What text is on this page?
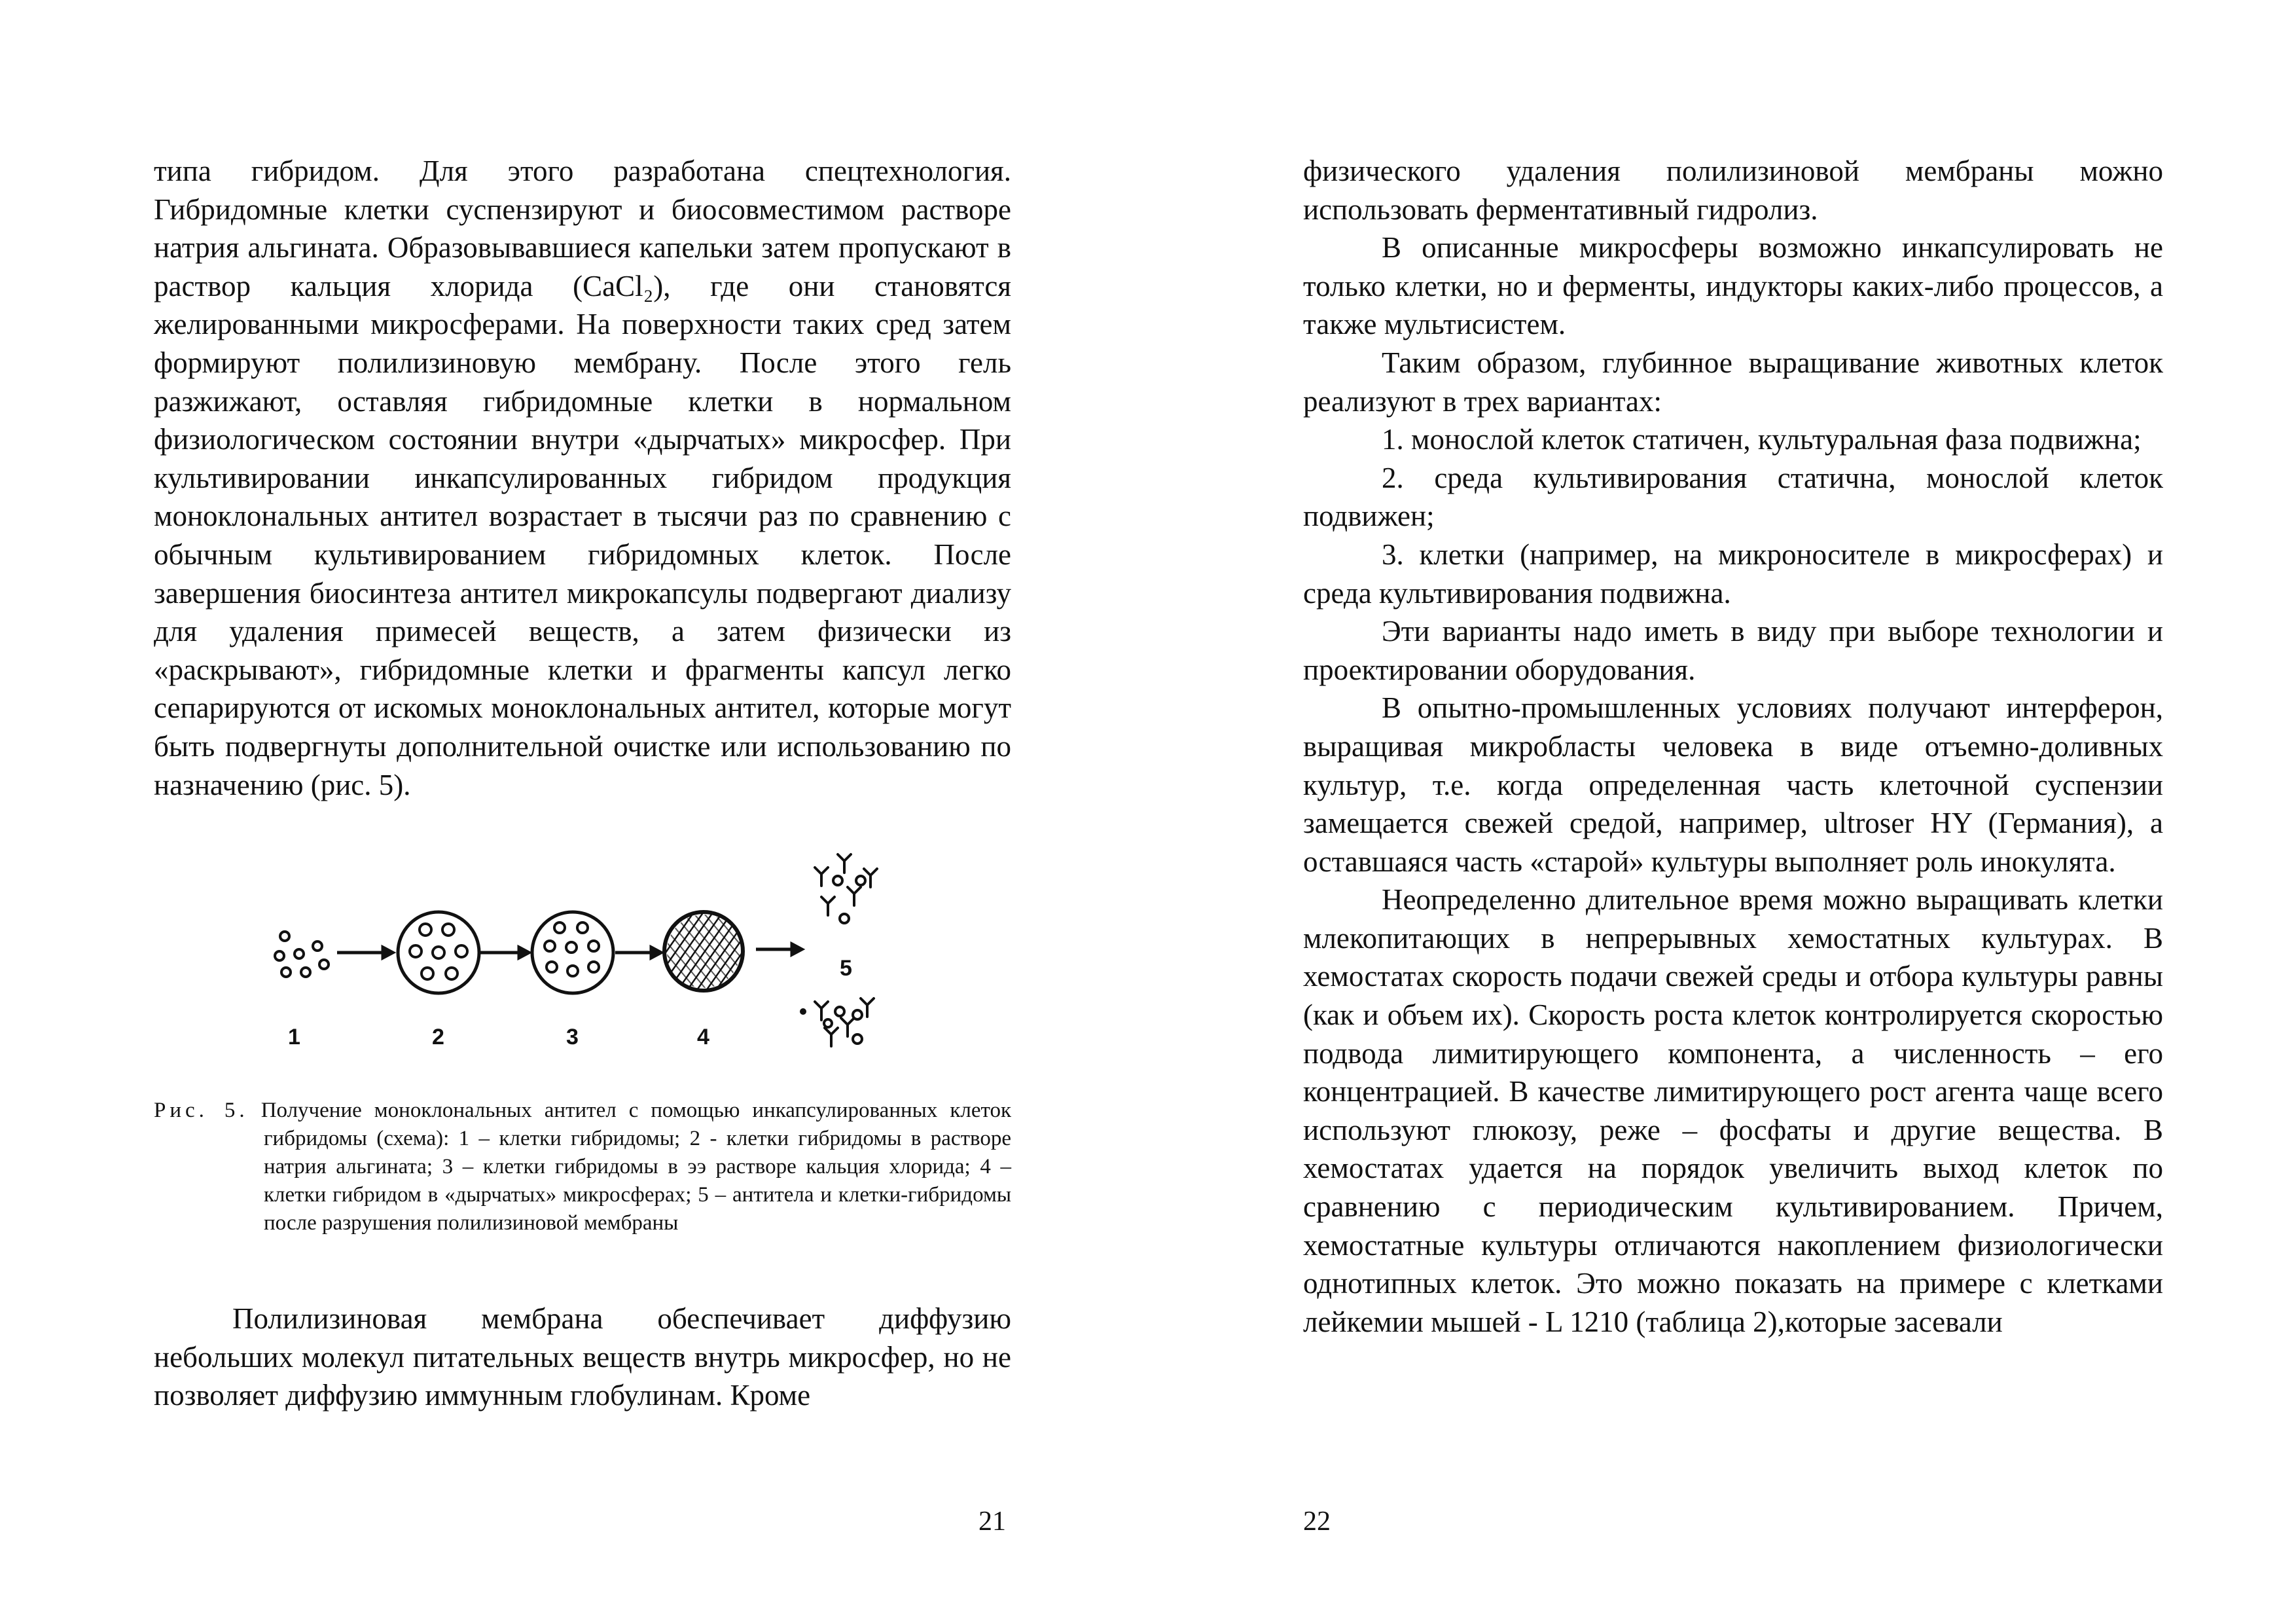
типа гибридом. Для этого разработана спецтехнология. Гибридомные клетки суспензируют и биосовместимом растворе натрия альгината. Образовывавшиеся капельки затем пропускают в раствор кальция хлорида (CaCl₂), где они становятся желированными микросферами. На поверхности таких сред затем формируют полилизиновую мембрану. После этого гель разжижают, оставляя гибридомные клетки в нормальном физиологическом состоянии внутри «дырчатых» микросфер. При культивировании инкапсулированных гибридом продукция моноклональных антител возрастает в тысячи раз по сравнению с обычным культивированием гибридомных клеток. После завершения биосинтеза антител микрокапсулы подвергают диализу для удаления примесей веществ, а затем физически из «раскрывают», гибридомные клетки и фрагменты капсул легко сепарируются от искомых моноклональных антител, которые могут быть подвергнуты дополнительной очистке или использованию по назначению (рис. 5).

1	2	3	4
5
Рис. 5. Получение моноклональных антител с помощью инкапсулированных клеток гибридомы (схема): 1 – клетки гибридомы; 2 - клетки гибридомы в растворе натрия альгината; 3 – клетки гибридомы в ээ растворе кальция хлорида; 4 – клетки гибридом в «дырчатых» микросферах; 5 – антитела и клетки-гибридомы после разрушения полилизиновой мембраны

Полилизиновая мембрана обеспечивает диффузию небольших молекул питательных веществ внутрь микросфер, но не позволяет диффузию иммунным глобулинам. Кроме

21

физического удаления полилизиновой мембраны можно использовать ферментативный гидролиз.

В описанные микросферы возможно инкапсулировать не только клетки, но и ферменты, индукторы каких-либо процессов, а также мультисистем.

Таким образом, глубинное выращивание животных клеток реализуют в трех вариантах:

1. монослой клеток статичен, культуральная фаза подвижна;

2. среда культивирования статична, монослой клеток подвижен;

3. клетки (например, на микроносителе в микросферах) и среда культивирования подвижна.

Эти варианты надо иметь в виду при выборе технологии и проектировании оборудования.

В опытно-промышленных условиях получают интерферон, выращивая микробласты человека в виде отъемно-доливных культур, т.е. когда определенная часть клеточной суспензии замещается свежей средой, например, ultroser HY (Германия), а оставшаяся часть «старой» культуры выполняет роль инокулята.

Неопределенно длительное время можно выращивать клетки млекопитающих в непрерывных хемостатных культурах. В хемостатах скорость подачи свежей среды и отбора культуры равны (как и объем их). Скорость роста клеток контролируется скоростью подвода лимитирующего компонента, а численность – его концентрацией. В качестве лимитирующего рост агента чаще всего используют глюкозу, реже – фосфаты и другие вещества. В хемостатах удается на порядок увеличить выход клеток по сравнению с периодическим культивированием. Причем, хемостатные культуры отличаются накоплением физиологически однотипных клеток. Это можно показать на примере с клетками лейкемии мышей - L 1210 (таблица 2),которые засевали

22
